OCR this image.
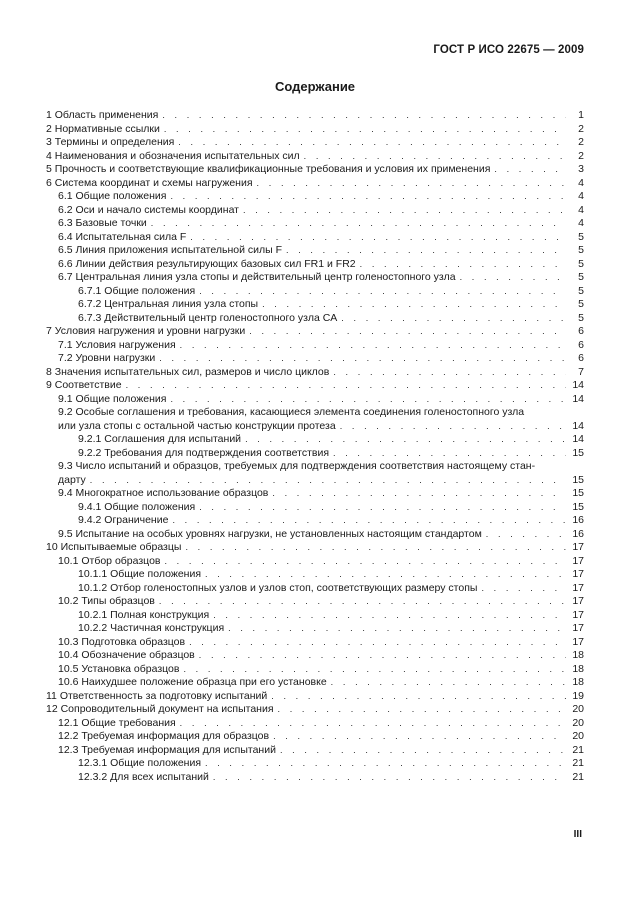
ГОСТ Р ИСО 22675 — 2009
Содержание
1 Область применения . . .	1
2 Нормативные ссылки . . .	2
3 Термины и определения . . .	2
4 Наименования и обозначения испытательных сил . . .	2
5 Прочность и соответствующие квалификационные требования и условия их применения . . .	3
6 Система координат и схемы нагружения . . .	4
6.1 Общие положения . . .	4
6.2 Оси и начало системы координат . . .	4
6.3 Базовые точки . . .	4
6.4 Испытательная сила F . . .	5
6.5 Линия приложения испытательной силы F . . .	5
6.6 Линии действия результирующих базовых сил FR1 и FR2 . . .	5
6.7 Центральная линия узла стопы и действительный центр голеностопного узла . . .	5
6.7.1 Общие положения . . .	5
6.7.2 Центральная линия узла стопы . . .	5
6.7.3 Действительный центр голеностопного узла CA . . .	5
7 Условия нагружения и уровни нагрузки . . .	6
7.1 Условия нагружения . . .	6
7.2 Уровни нагрузки . . .	6
8 Значения испытательных сил, размеров и число циклов . . .	7
9 Соответствие . . .	14
9.1 Общие положения . . .	14
9.2 Особые соглашения и требования, касающиеся элемента соединения голеностопного узла
или узла стопы с остальной частью конструкции протеза . . .	14
9.2.1 Соглашения для испытаний . . .	14
9.2.2 Требования для подтверждения соответствия . . .	15
9.3 Число испытаний и образцов, требуемых для подтверждения соответствия настоящему стан-
дарту . . .	15
9.4 Многократное использование образцов . . .	15
9.4.1 Общие положения . . .	15
9.4.2 Ограничение . . .	16
9.5 Испытание на особых уровнях нагрузки, не установленных настоящим стандартом . . .	16
10 Испытываемые образцы . . .	17
10.1 Отбор образцов . . .	17
10.1.1 Общие положения . . .	17
10.1.2 Отбор голеностопных узлов и узлов стоп, соответствующих размеру стопы . . .	17
10.2 Типы образцов . . .	17
10.2.1 Полная конструкция . . .	17
10.2.2 Частичная конструкция . . .	17
10.3 Подготовка образцов . . .	17
10.4 Обозначение образцов . . .	18
10.5 Установка образцов . . .	18
10.6 Наихудшее положение образца при его установке . . .	18
11 Ответственность за подготовку испытаний . . .	19
12 Сопроводительный документ на испытания . . .	20
12.1 Общие требования . . .	20
12.2 Требуемая информация для образцов . . .	20
12.3 Требуемая информация для испытаний . . .	21
12.3.1 Общие положения . . .	21
12.3.2 Для всех испытаний . . .	21
III
